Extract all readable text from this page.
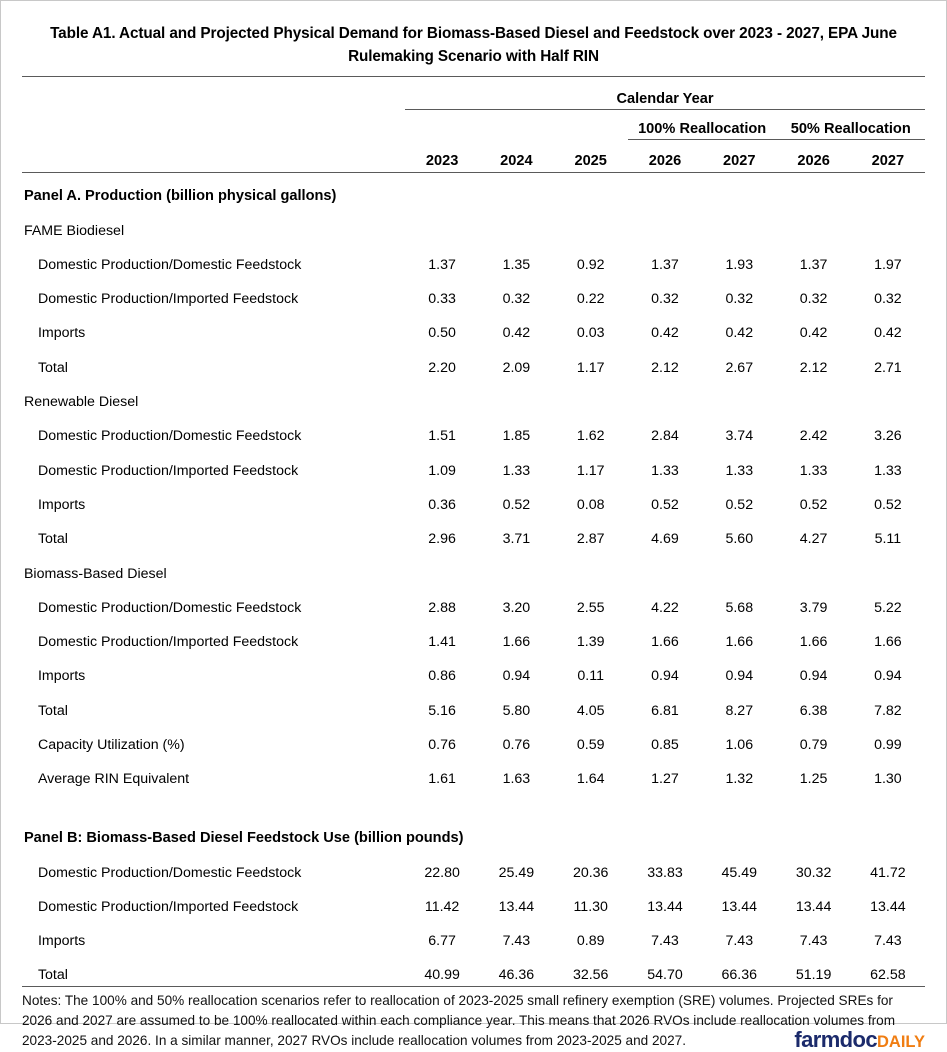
Table A1. Actual and Projected Physical Demand for Biomass-Based Diesel and Feedstock over 2023 - 2027, EPA June Rulemaking Scenario with Half RIN

	Calendar Year						
				100% Reallocation		50% Reallocation	
	2023	2024	2025	2026	2027	2026	2027
Panel A. Production (billion physical gallons)							
FAME Biodiesel							
Domestic Production/Domestic Feedstock	1.37	1.35	0.92	1.37	1.93	1.37	1.97
Domestic Production/Imported Feedstock	0.33	0.32	0.22	0.32	0.32	0.32	0.32
Imports	0.50	0.42	0.03	0.42	0.42	0.42	0.42
Total	2.20	2.09	1.17	2.12	2.67	2.12	2.71
Renewable Diesel							
Domestic Production/Domestic Feedstock	1.51	1.85	1.62	2.84	3.74	2.42	3.26
Domestic Production/Imported Feedstock	1.09	1.33	1.17	1.33	1.33	1.33	1.33
Imports	0.36	0.52	0.08	0.52	0.52	0.52	0.52
Total	2.96	3.71	2.87	4.69	5.60	4.27	5.11
Biomass-Based Diesel							
Domestic Production/Domestic Feedstock	2.88	3.20	2.55	4.22	5.68	3.79	5.22
Domestic Production/Imported Feedstock	1.41	1.66	1.39	1.66	1.66	1.66	1.66
Imports	0.86	0.94	0.11	0.94	0.94	0.94	0.94
Total	5.16	5.80	4.05	6.81	8.27	6.38	7.82
Capacity Utilization (%)	0.76	0.76	0.59	0.85	1.06	0.79	0.99
Average RIN Equivalent	1.61	1.63	1.64	1.27	1.32	1.25	1.30

Panel B: Biomass-Based Diesel Feedstock Use (billion pounds)							
Domestic Production/Domestic Feedstock	22.80	25.49	20.36	33.83	45.49	30.32	41.72
Domestic Production/Imported Feedstock	11.42	13.44	11.30	13.44	13.44	13.44	13.44
Imports	6.77	7.43	0.89	7.43	7.43	7.43	7.43
Total	40.99	46.36	32.56	54.70	66.36	51.19	62.58
Notes: The 100% and 50% reallocation scenarios refer to reallocation of 2023-2025 small refinery exemption (SRE) volumes. Projected SREs for 2026 and 2027 are assumed to be 100% reallocated within each compliance year. This means that 2026 RVOs include reallocation volumes from 2023-2025 and 2026. In a similar manner, 2027 RVOs include reallocation volumes from 2023-2025 and 2027.	farmdocDAILY
